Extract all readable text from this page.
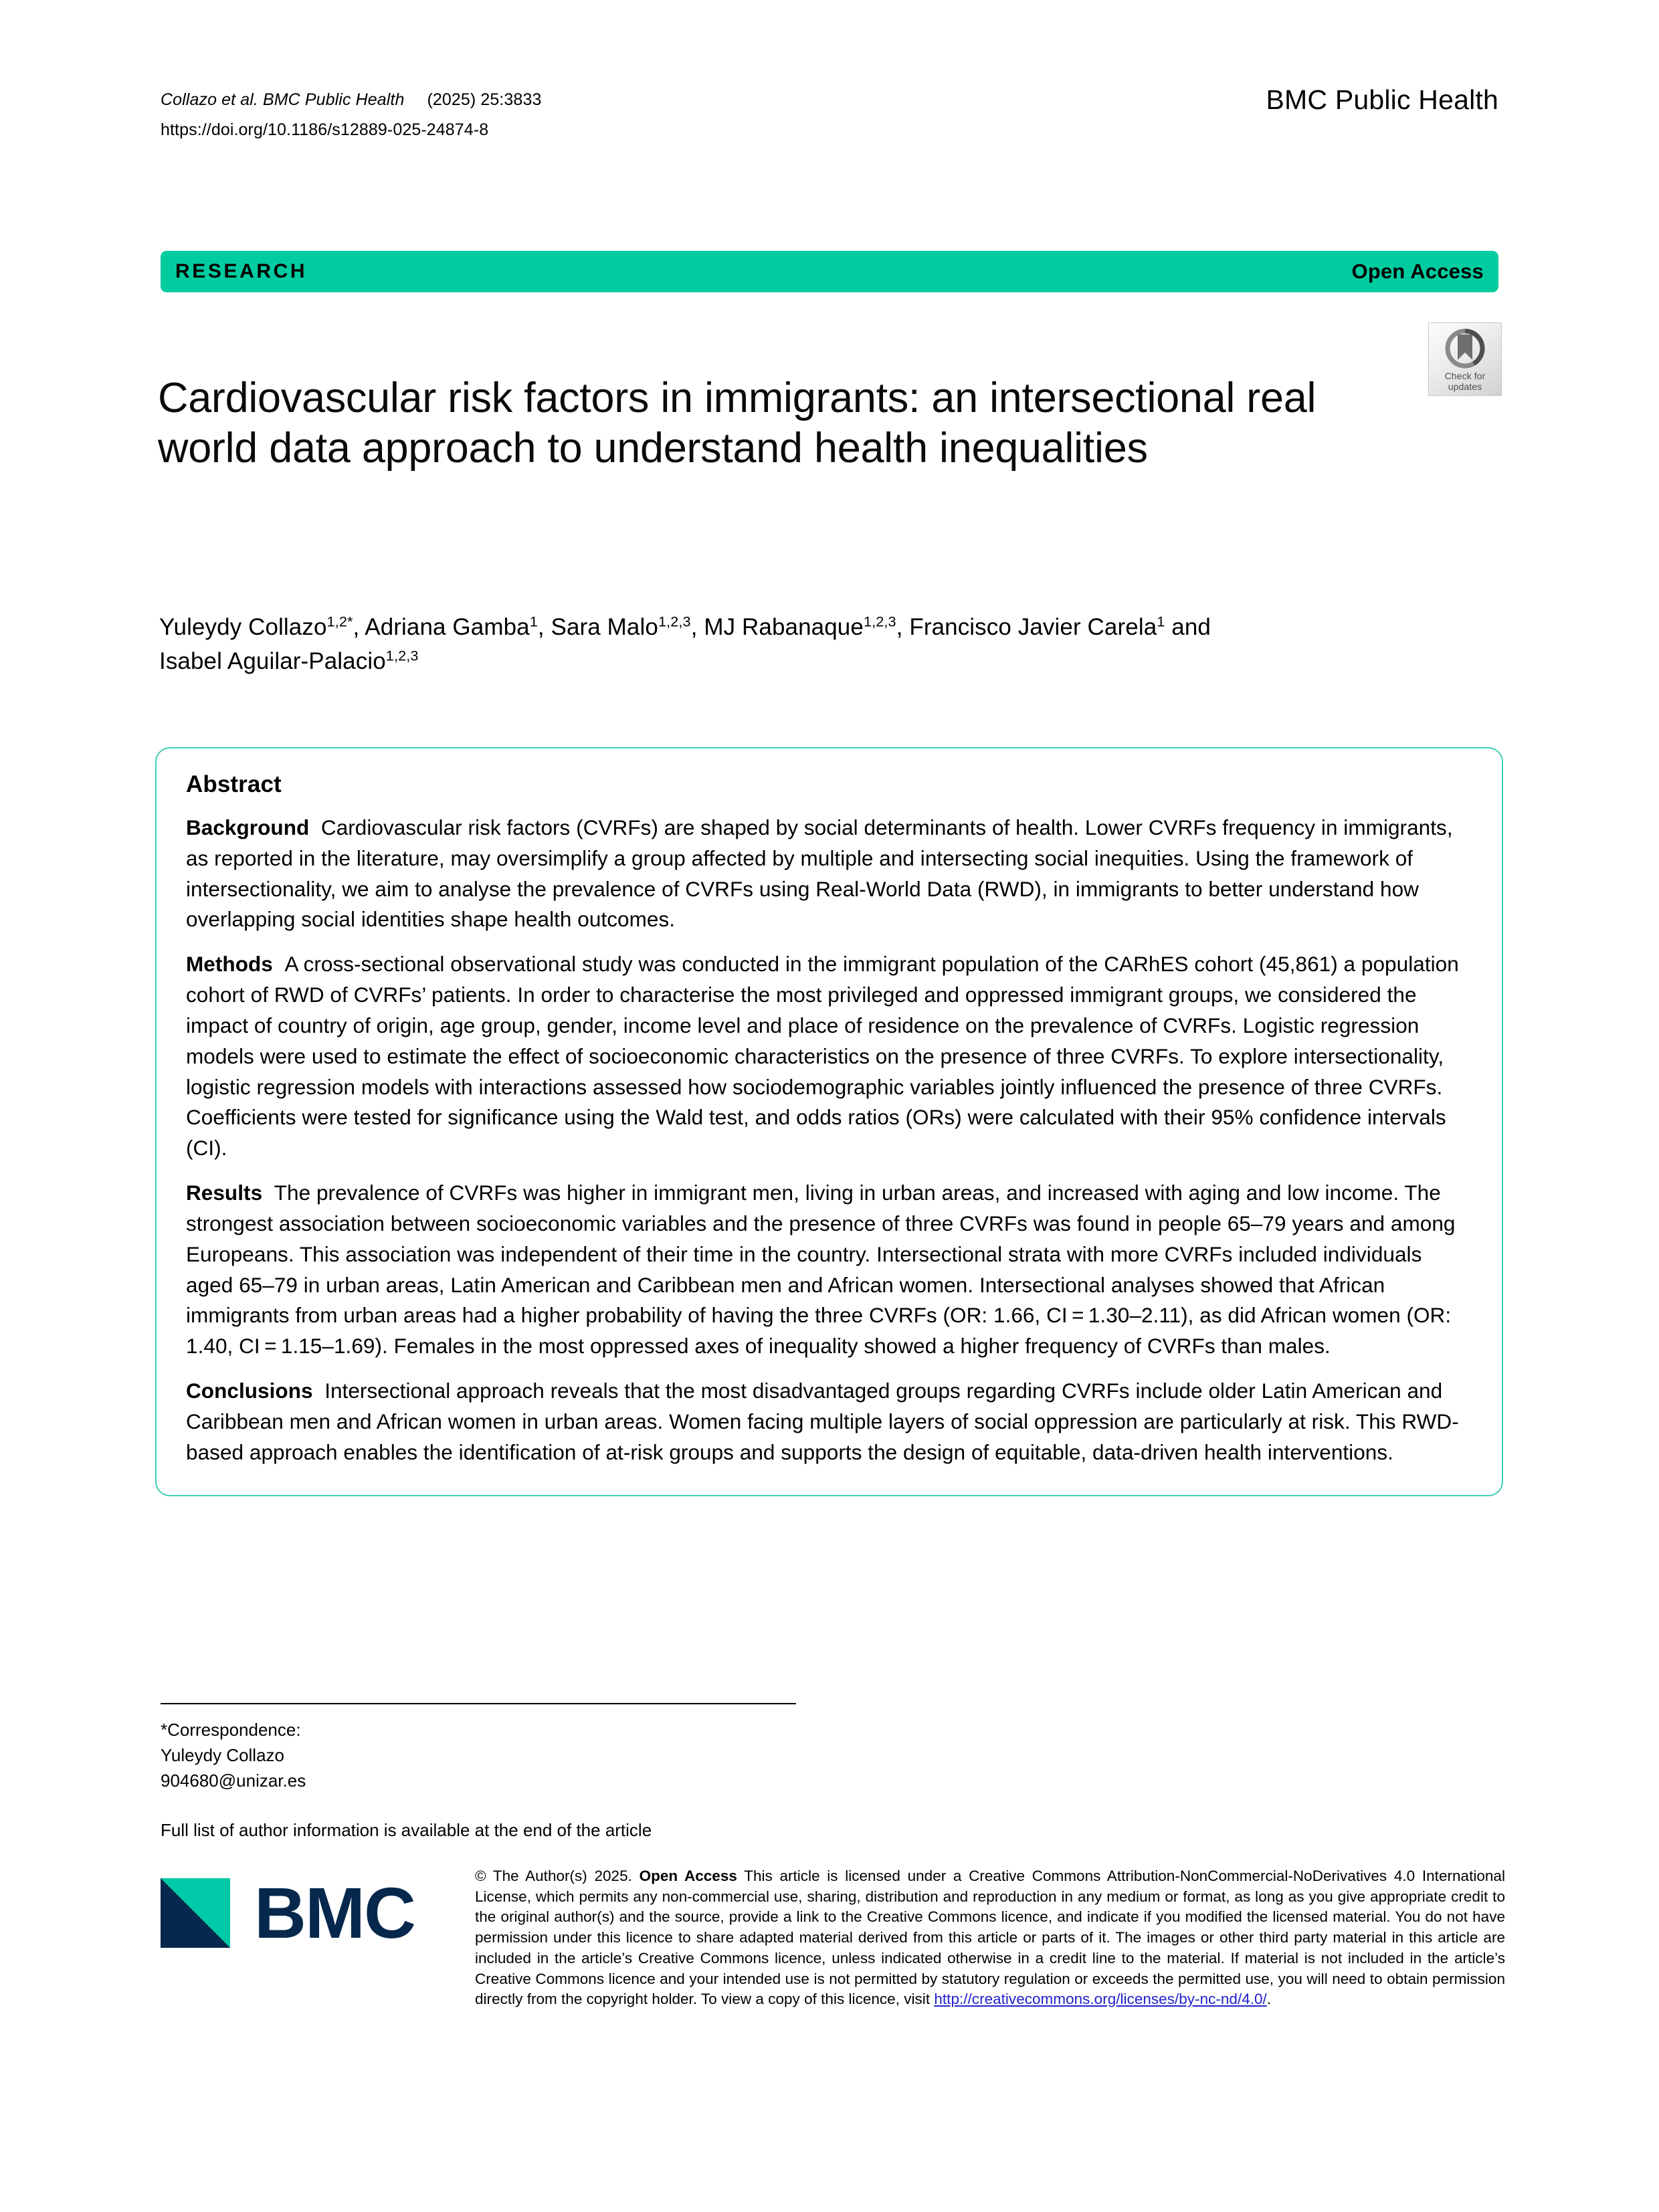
Collazo et al. BMC Public Health (2025) 25:3833
https://doi.org/10.1186/s12889-025-24874-8
BMC Public Health
RESEARCH	Open Access
Check for
updates
Cardiovascular risk factors in immigrants: an intersectional real world data approach to understand health inequalities
Yuleydy Collazo$^{1,2*}$, Adriana Gamba$^1$, Sara Malo$^{1,2,3}$, MJ Rabanaque$^{1,2,3}$, Francisco Javier Carela$^1$ and
Isabel Aguilar-Palacio$^{1,2,3}$
Abstract

Background Cardiovascular risk factors (CVRFs) are shaped by social determinants of health. Lower CVRFs frequency in immigrants, as reported in the literature, may oversimplify a group affected by multiple and intersecting social inequities. Using the framework of intersectionality, we aim to analyse the prevalence of CVRFs using Real-World Data (RWD), in immigrants to better understand how overlapping social identities shape health outcomes.

Methods A cross-sectional observational study was conducted in the immigrant population of the CARhES cohort (45,861) a population cohort of RWD of CVRFs’ patients. In order to characterise the most privileged and oppressed immigrant groups, we considered the impact of country of origin, age group, gender, income level and place of residence on the prevalence of CVRFs. Logistic regression models were used to estimate the effect of socioeconomic characteristics on the presence of three CVRFs. To explore intersectionality, logistic regression models with interactions assessed how sociodemographic variables jointly influenced the presence of three CVRFs. Coefficients were tested for significance using the Wald test, and odds ratios (ORs) were calculated with their 95% confidence intervals (CI).

Results The prevalence of CVRFs was higher in immigrant men, living in urban areas, and increased with aging and low income. The strongest association between socioeconomic variables and the presence of three CVRFs was found in people 65–79 years and among Europeans. This association was independent of their time in the country. Intersectional strata with more CVRFs included individuals aged 65–79 in urban areas, Latin American and Caribbean men and African women. Intersectional analyses showed that African immigrants from urban areas had a higher probability of having the three CVRFs (OR: 1.66, CI = 1.30–2.11), as did African women (OR: 1.40, CI = 1.15–1.69). Females in the most oppressed axes of inequality showed a higher frequency of CVRFs than males.

Conclusions Intersectional approach reveals that the most disadvantaged groups regarding CVRFs include older Latin American and Caribbean men and African women in urban areas. Women facing multiple layers of social oppression are particularly at risk. This RWD-based approach enables the identification of at-risk groups and supports the design of equitable, data-driven health interventions.

*Correspondence:
Yuleydy Collazo
904680@unizar.es
Full list of author information is available at the end of the article
BMC	© The Author(s) 2025. Open Access This article is licensed under a Creative Commons Attribution-NonCommercial-NoDerivatives 4.0 International License, which permits any non-commercial use, sharing, distribution and reproduction in any medium or format, as long as you give appropriate credit to the original author(s) and the source, provide a link to the Creative Commons licence, and indicate if you modified the licensed material. You do not have permission under this licence to share adapted material derived from this article or parts of it. The images or other third party material in this article are included in the article’s Creative Commons licence, unless indicated otherwise in a credit line to the material. If material is not included in the article’s Creative Commons licence and your intended use is not permitted by statutory regulation or exceeds the permitted use, you will need to obtain permission directly from the copyright holder. To view a copy of this licence, visit http://creativecommons.org/licenses/by-nc-nd/4.0/.
